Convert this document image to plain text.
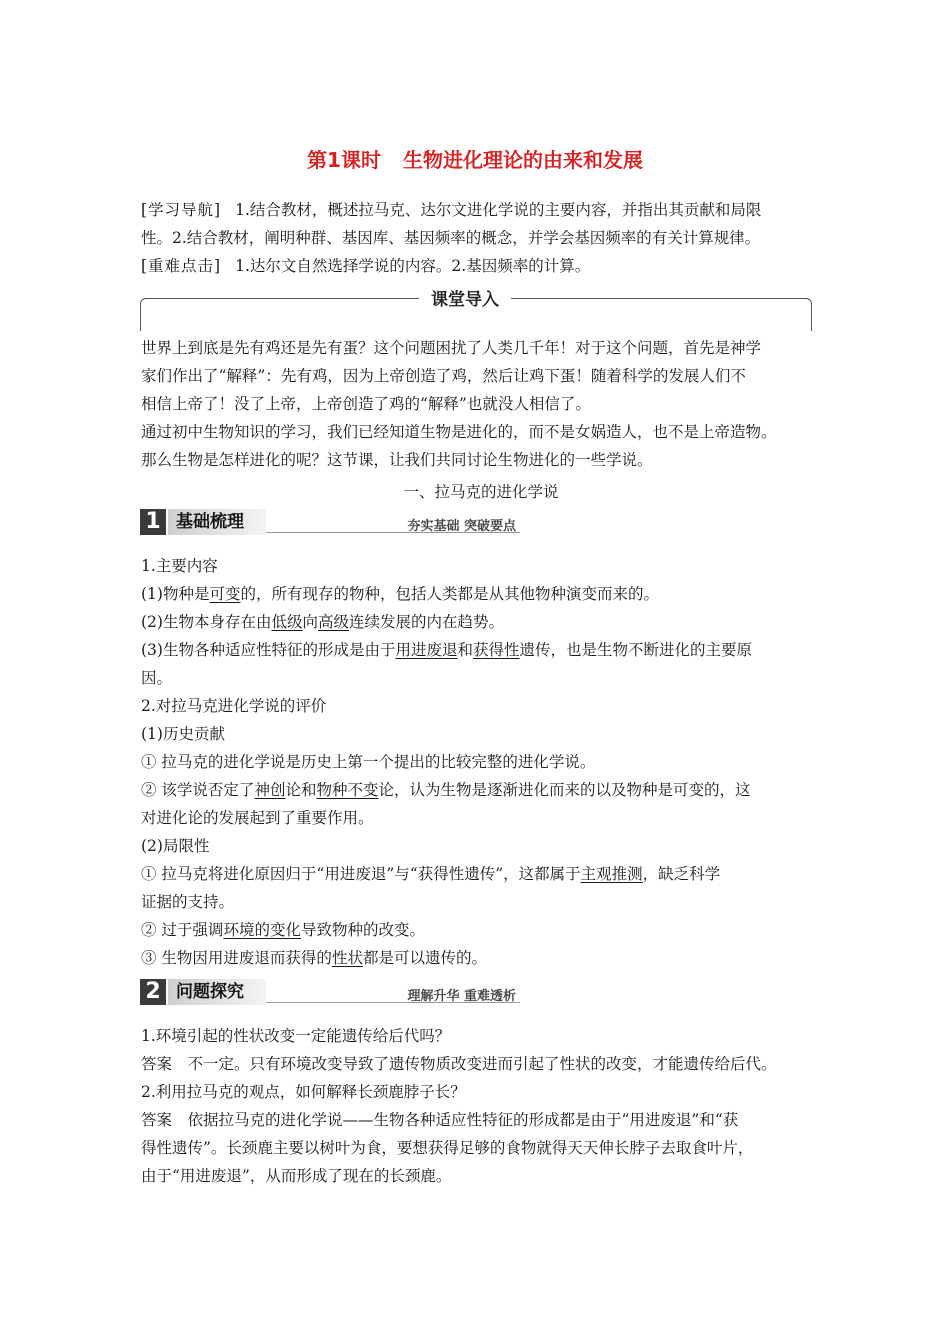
第1课时 生物进化理论的由来和发展
[学习导航] 1.结合教材，概述拉马克、达尔文进化学说的主要内容，并指出其贡献和局限
性。2.结合教材，阐明种群、基因库、基因频率的概念，并学会基因频率的有关计算规律。
[重难点击] 1.达尔文自然选择学说的内容。2.基因频率的计算。
课堂导入
世界上到底是先有鸡还是先有蛋？这个问题困扰了人类几千年！对于这个问题，首先是神学
家们作出了“解释”：先有鸡，因为上帝创造了鸡，然后让鸡下蛋！随着科学的发展人们不
相信上帝了！没了上帝，上帝创造了鸡的“解释”也就没人相信了。
通过初中生物知识的学习，我们已经知道生物是进化的，而不是女娲造人，也不是上帝造物。
那么生物是怎样进化的呢？这节课，让我们共同讨论生物进化的一些学说。
一、拉马克的进化学说
1 基础梳理	夯实基础 突破要点
1.主要内容
(1)物种是可变的，所有现存的物种，包括人类都是从其他物种演变而来的。
(2)生物本身存在由低级向高级连续发展的内在趋势。
(3)生物各种适应性特征的形成是由于用进废退和获得性遗传，也是生物不断进化的主要原
因。
2.对拉马克进化学说的评价
(1)历史贡献
① 拉马克的进化学说是历史上第一个提出的比较完整的进化学说。
② 该学说否定了神创论和物种不变论，认为生物是逐渐进化而来的以及物种是可变的，这
对进化论的发展起到了重要作用。
(2)局限性
① 拉马克将进化原因归于“用进废退”与“获得性遗传”，这都属于主观推测，缺乏科学
证据的支持。
② 过于强调环境的变化导致物种的改变。
③ 生物因用进废退而获得的性状都是可以遗传的。
2 问题探究	理解升华 重难透析
1.环境引起的性状改变一定能遗传给后代吗？
答案　不一定。只有环境改变导致了遗传物质改变进而引起了性状的改变，才能遗传给后代。
2.利用拉马克的观点，如何解释长颈鹿脖子长？
答案　依据拉马克的进化学说——生物各种适应性特征的形成都是由于“用进废退”和“获
得性遗传”。长颈鹿主要以树叶为食，要想获得足够的食物就得天天伸长脖子去取食叶片，
由于“用进废退”，从而形成了现在的长颈鹿。
